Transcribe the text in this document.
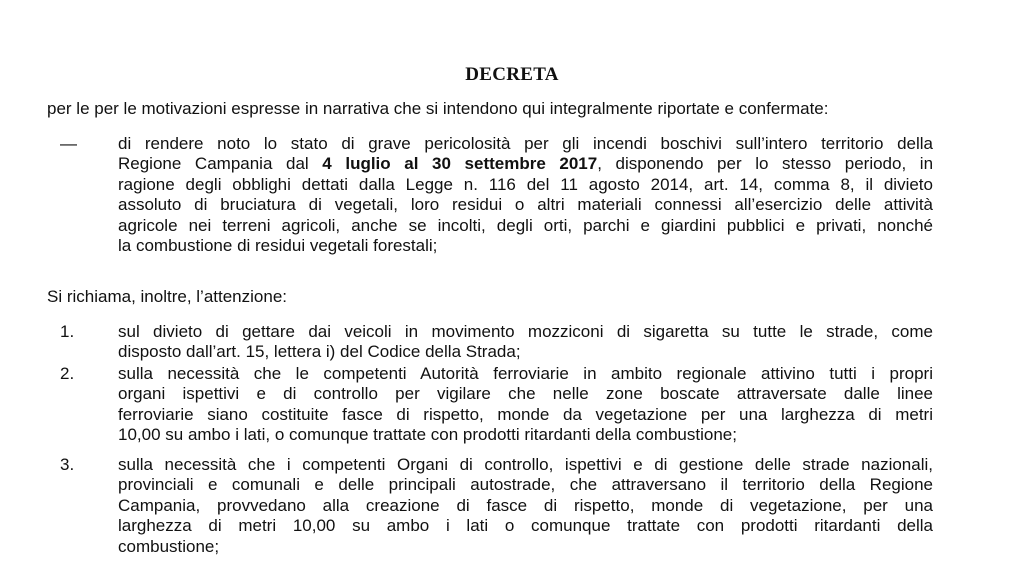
DECRETA
per le per le motivazioni espresse in narrativa che si intendono qui integralmente riportate e confermate:
— di rendere noto lo stato di grave pericolosità per gli incendi boschivi sull’intero territorio della
Regione Campania dal 4 luglio al 30 settembre 2017, disponendo per lo stesso periodo, in
ragione degli obblighi dettati dalla Legge n. 116 del 11 agosto 2014, art. 14, comma 8, il divieto
assoluto di bruciatura di vegetali, loro residui o altri materiali connessi all’esercizio delle attività
agricole nei terreni agricoli, anche se incolti, degli orti, parchi e giardini pubblici e privati, nonché
la combustione di residui vegetali forestali;
Si richiama, inoltre, l’attenzione:
1.	sul divieto di gettare dai veicoli in movimento mozziconi di sigaretta su tutte le strade, come
disposto dall’art. 15, lettera i) del Codice della Strada;
2.	sulla necessità che le competenti Autorità ferroviarie in ambito regionale attivino tutti i propri
organi ispettivi e di controllo per vigilare che nelle zone boscate attraversate dalle linee
ferroviarie siano costituite fasce di rispetto, monde da vegetazione per una larghezza di metri
10,00 su ambo i lati, o comunque trattate con prodotti ritardanti della combustione;
3.	sulla necessità che i competenti Organi di controllo, ispettivi e di gestione delle strade nazionali,
provinciali e comunali e delle principali autostrade, che attraversano il territorio della Regione
Campania, provvedano alla creazione di fasce di rispetto, monde di vegetazione, per una
larghezza di metri 10,00 su ambo i lati o comunque trattate con prodotti ritardanti della
combustione;
